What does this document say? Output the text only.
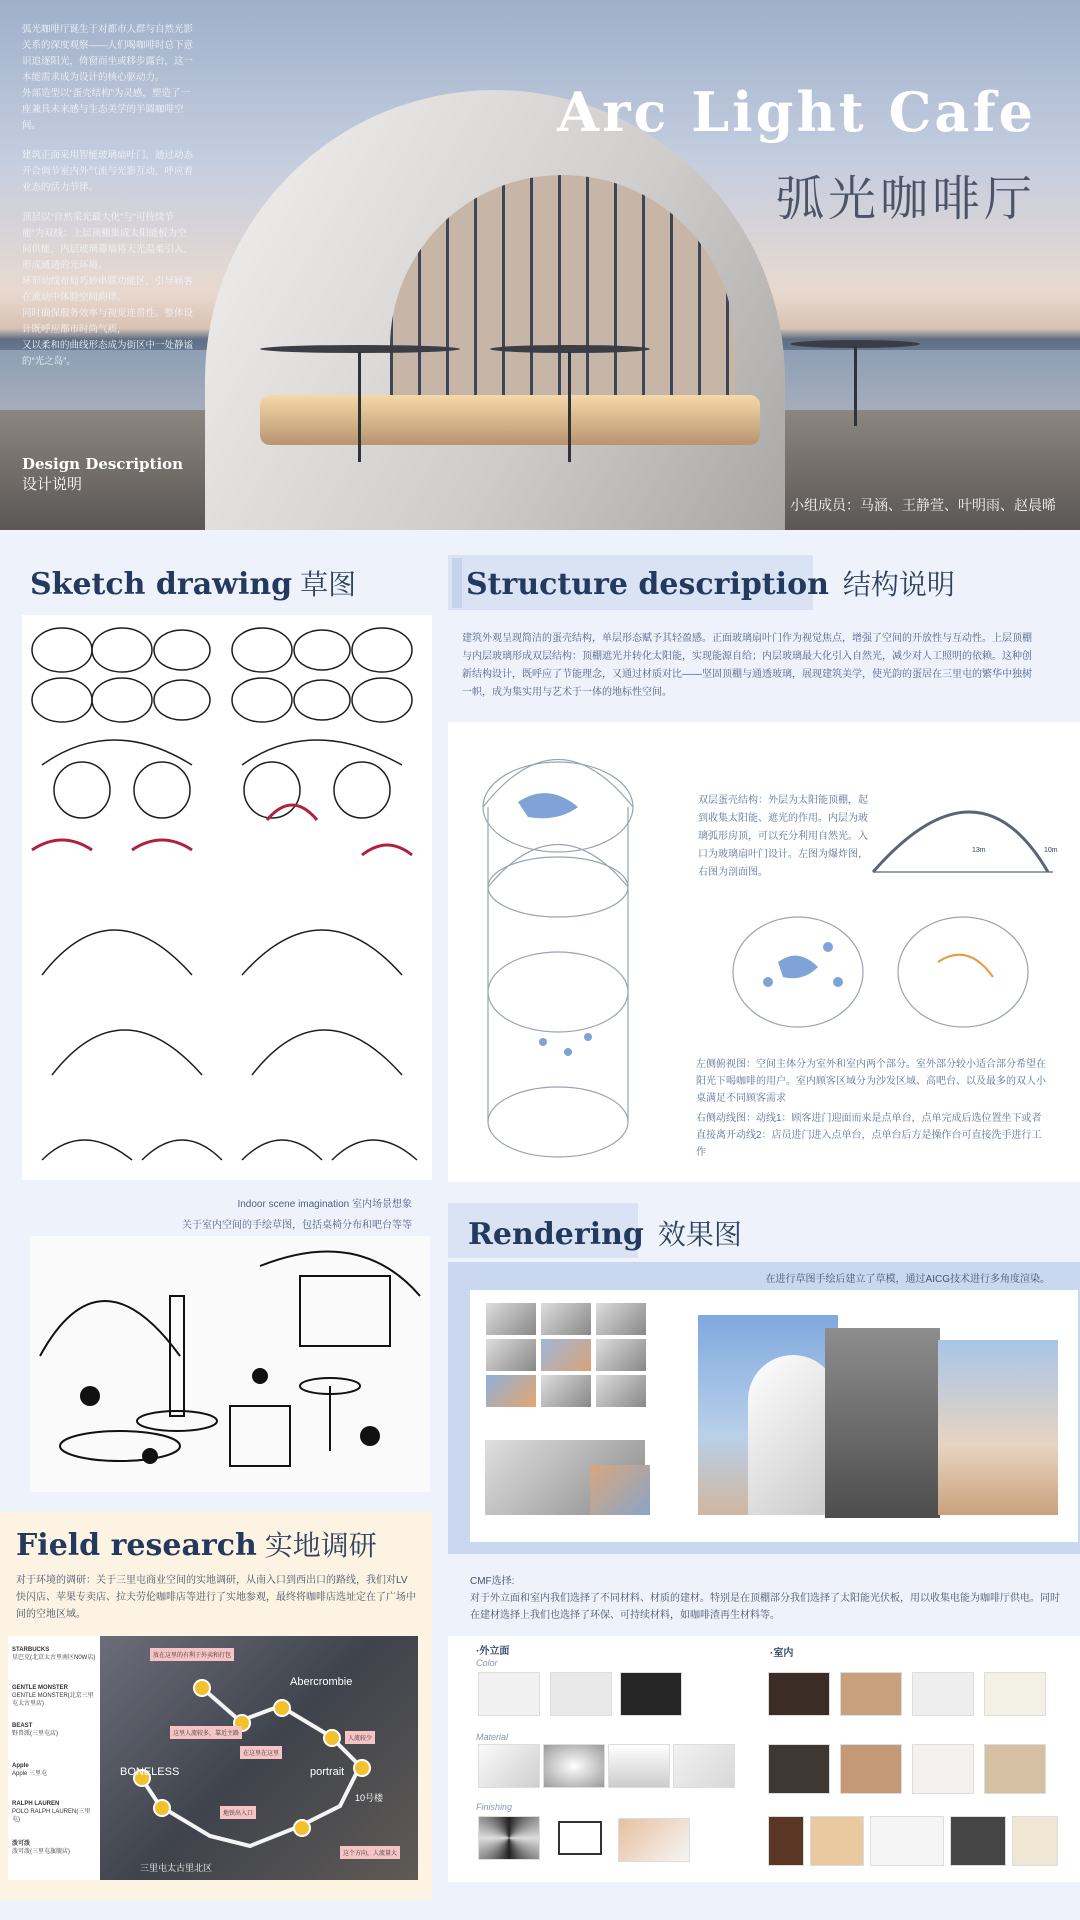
弧光咖啡厅诞生于对都市人群与自然光影关系的深度观察——人们喝咖啡时总下意识追逐阳光，倚窗而坐或移步露台，这一本能需求成为设计的核心驱动力。
外部造型以“蛋壳结构”为灵感，塑造了一座兼具未来感与生态美学的半圆咖啡空间。
建筑正面采用智能玻璃扇叶门，通过动态开合调节室内外气流与光影互动，呼应着业态的活力节律。
顶层以“自然采光最大化”与“可持续节能”为双线：上层顶棚集成太阳能板为空间供能，内层玻璃幕墙将天光温柔引入，形成通透的光环境。
环形动线布局巧妙串联功能区，引导顾客在流动中体验空间韵律。
同时确保服务效率与视觉连贯性。整体设计既呼应都市时尚气质，
又以柔和的曲线形态成为街区中一处静谧的“光之岛”。
Design Description
设计说明
Arc Light Cafe
弧光咖啡厅
小组成员：马涵、王静萱、叶明雨、赵晨晞
Sketch drawing 草图
Indoor scene imagination 室内场景想象
关于室内空间的手绘草图，包括桌椅分布和吧台等等
Field research 实地调研
对于环境的调研：关于三里屯商业空间的实地调研，从南入口到西出口的路线，我们对LV快闪店、苹果专卖店、拉夫劳伦咖啡店等进行了实地参观，最终将咖啡店选址定在了广场中间的空地区域。
STARBUCKS
星巴克(北京太古里南区N0W店)
GENTLE MONSTER
GENTLE MONSTER(北京三里屯太古里店)
BEAST
野兽派(三里屯店)
Apple
Apple 三里屯
RALPH LAUREN
POLO RALPH LAUREN(三里屯)
泼可泼
泼可泼(三里屯旗舰店)
Abercrombie
BONELESS	portrait
三里屯太古里北区
10号楼
放在这里的有利于外卖和打包
这里人流较多，靠近主路
在这里在这里
人流较少
地铁出入口
这个方向，人流量大
Structure description 结构说明
建筑外观呈现简洁的蛋壳结构，单层形态赋予其轻盈感。正面玻璃扇叶门作为视觉焦点，增强了空间的开放性与互动性。上层顶棚与内层玻璃形成双层结构：顶棚遮光并转化太阳能，实现能源自给；内层玻璃最大化引入自然光，减少对人工照明的依赖。这种创新结构设计，既呼应了节能理念，又通过材质对比——坚固顶棚与通透玻璃，展现建筑美学，使光韵的蛋居在三里屯的繁华中独树一帜，成为集实用与艺术于一体的地标性空间。
双层蛋壳结构：外层为太阳能顶棚，起到收集太阳能、遮光的作用。内层为玻璃弧形房顶，可以充分利用自然光。入口为玻璃扇叶门设计。左图为爆炸图，右图为剖面图。
13m	10m
左侧俯视图：空间主体分为室外和室内两个部分。室外部分较小适合部分希望在阳光下喝咖啡的用户。室内顾客区域分为沙发区域、高吧台、以及最多的双人小桌满足不同顾客需求
右侧动线图：动线1：顾客进门迎面而来是点单台，点单完成后选位置坐下或者直接离开动线2：店员进门进入点单台，点单台后方是操作台可直接洗手进行工作
Rendering 效果图
在进行草图手绘后建立了草模，通过AICG技术进行多角度渲染。
CMF选择:
对于外立面和室内我们选择了不同材料、材质的建材。特别是在顶棚部分我们选择了太阳能光伏板，用以收集电能为咖啡厅供电。同时在建材选择上我们也选择了环保、可持续材料，如咖啡渣再生材料等。
·外立面
Color
·室内
Material
Finishing
